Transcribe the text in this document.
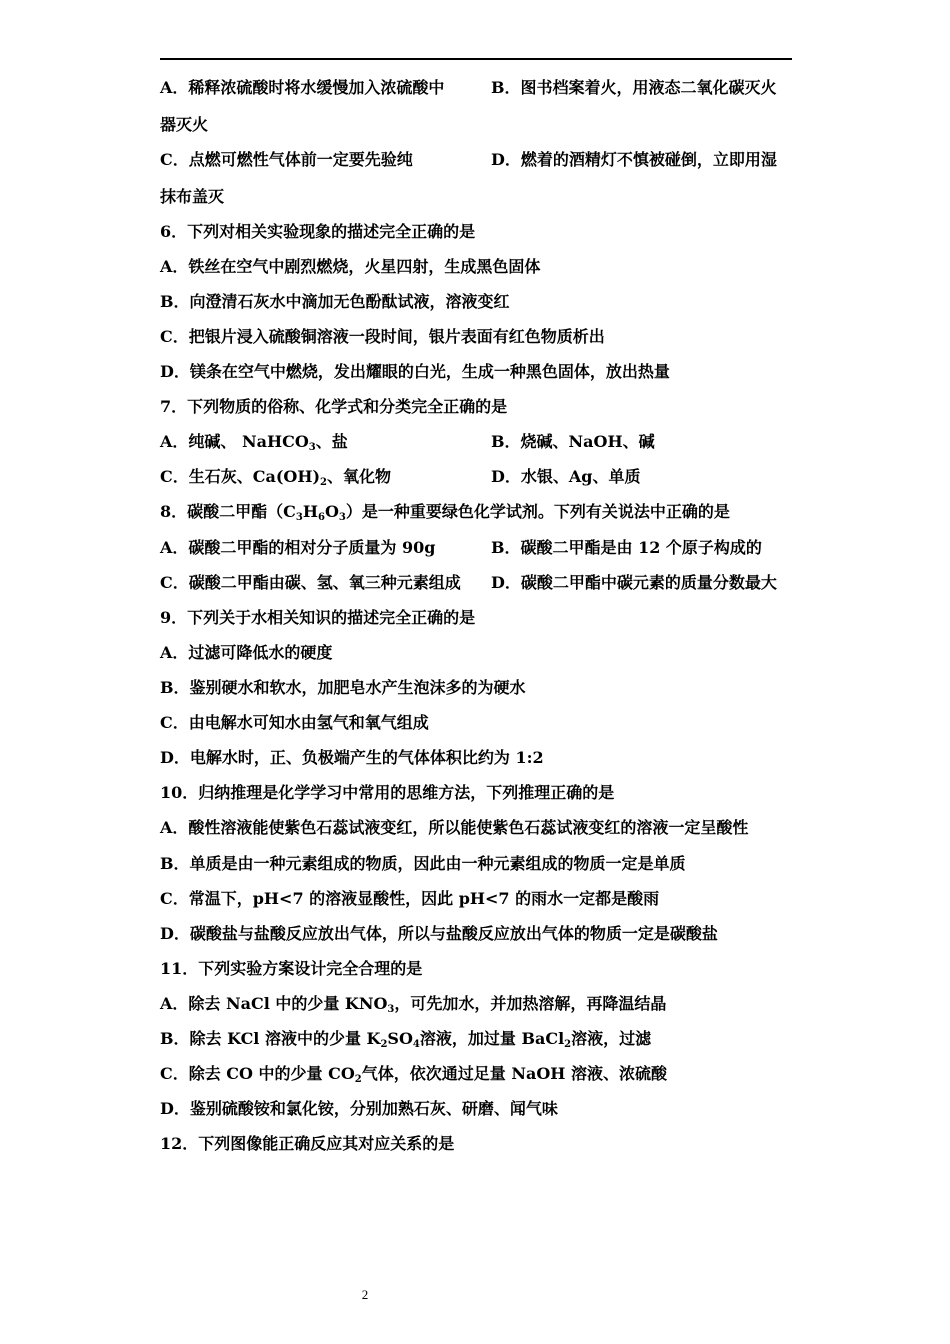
A．稀释浓硫酸时将水缓慢加入浓硫酸中	B．图书档案着火，用液态二氧化碳灭火
器灭火
C．点燃可燃性气体前一定要先验纯	D．燃着的酒精灯不慎被碰倒，立即用湿
抹布盖灭
6．下列对相关实验现象的描述完全正确的是
A．铁丝在空气中剧烈燃烧，火星四射，生成黑色固体
B．向澄清石灰水中滴加无色酚酞试液，溶液变红
C．把银片浸入硫酸铜溶液一段时间，银片表面有红色物质析出
D．镁条在空气中燃烧，发出耀眼的白光，生成一种黑色固体，放出热量
7．下列物质的俗称、化学式和分类完全正确的是
A．纯碱、 NaHCO$_3$、盐	B．烧碱、NaOH、碱
C．生石灰、$Ca(OH)_2$、氧化物	D．水银、Ag、单质
8．碳酸二甲酯$(C_3H_6O_3)$是一种重要绿色化学试剂。下列有关说法中正确的是
A．碳酸二甲酯的相对分子质量为 90g	B．碳酸二甲酯是由 12 个原子构成的
C．碳酸二甲酯由碳、氢、氧三种元素组成 D．碳酸二甲酯中碳元素的质量分数最大
9．下列关于水相关知识的描述完全正确的是
A．过滤可降低水的硬度
B．鉴别硬水和软水，加肥皂水产生泡沫多的为硬水
C．由电解水可知水由氢气和氧气组成
D．电解水时，正、负极端产生的气体体积比约为 1:2
10．归纳推理是化学学习中常用的思维方法，下列推理正确的是
A．酸性溶液能使紫色石蕊试液变红，所以能使紫色石蕊试液变红的溶液一定呈酸性
B．单质是由一种元素组成的物质，因此由一种元素组成的物质一定是单质
C．常温下，pH<7 的溶液显酸性，因此 pH<7 的雨水一定都是酸雨
D．碳酸盐与盐酸反应放出气体，所以与盐酸反应放出气体的物质一定是碳酸盐
11．下列实验方案设计完全合理的是
A．除去 NaCl 中的少量 $KNO_3$，可先加水，并加热溶解，再降温结晶
B．除去 KCl 溶液中的少量 $K_2SO_4$溶液，加过量 BaCl$_2$溶液，过滤
C．除去 CO 中的少量 $CO_2$气体，依次通过足量 NaOH 溶液、浓硫酸
D．鉴别硫酸铵和氯化铵，分别加熟石灰、研磨、闻气味
12．下列图像能正确反应其对应关系的是
2
